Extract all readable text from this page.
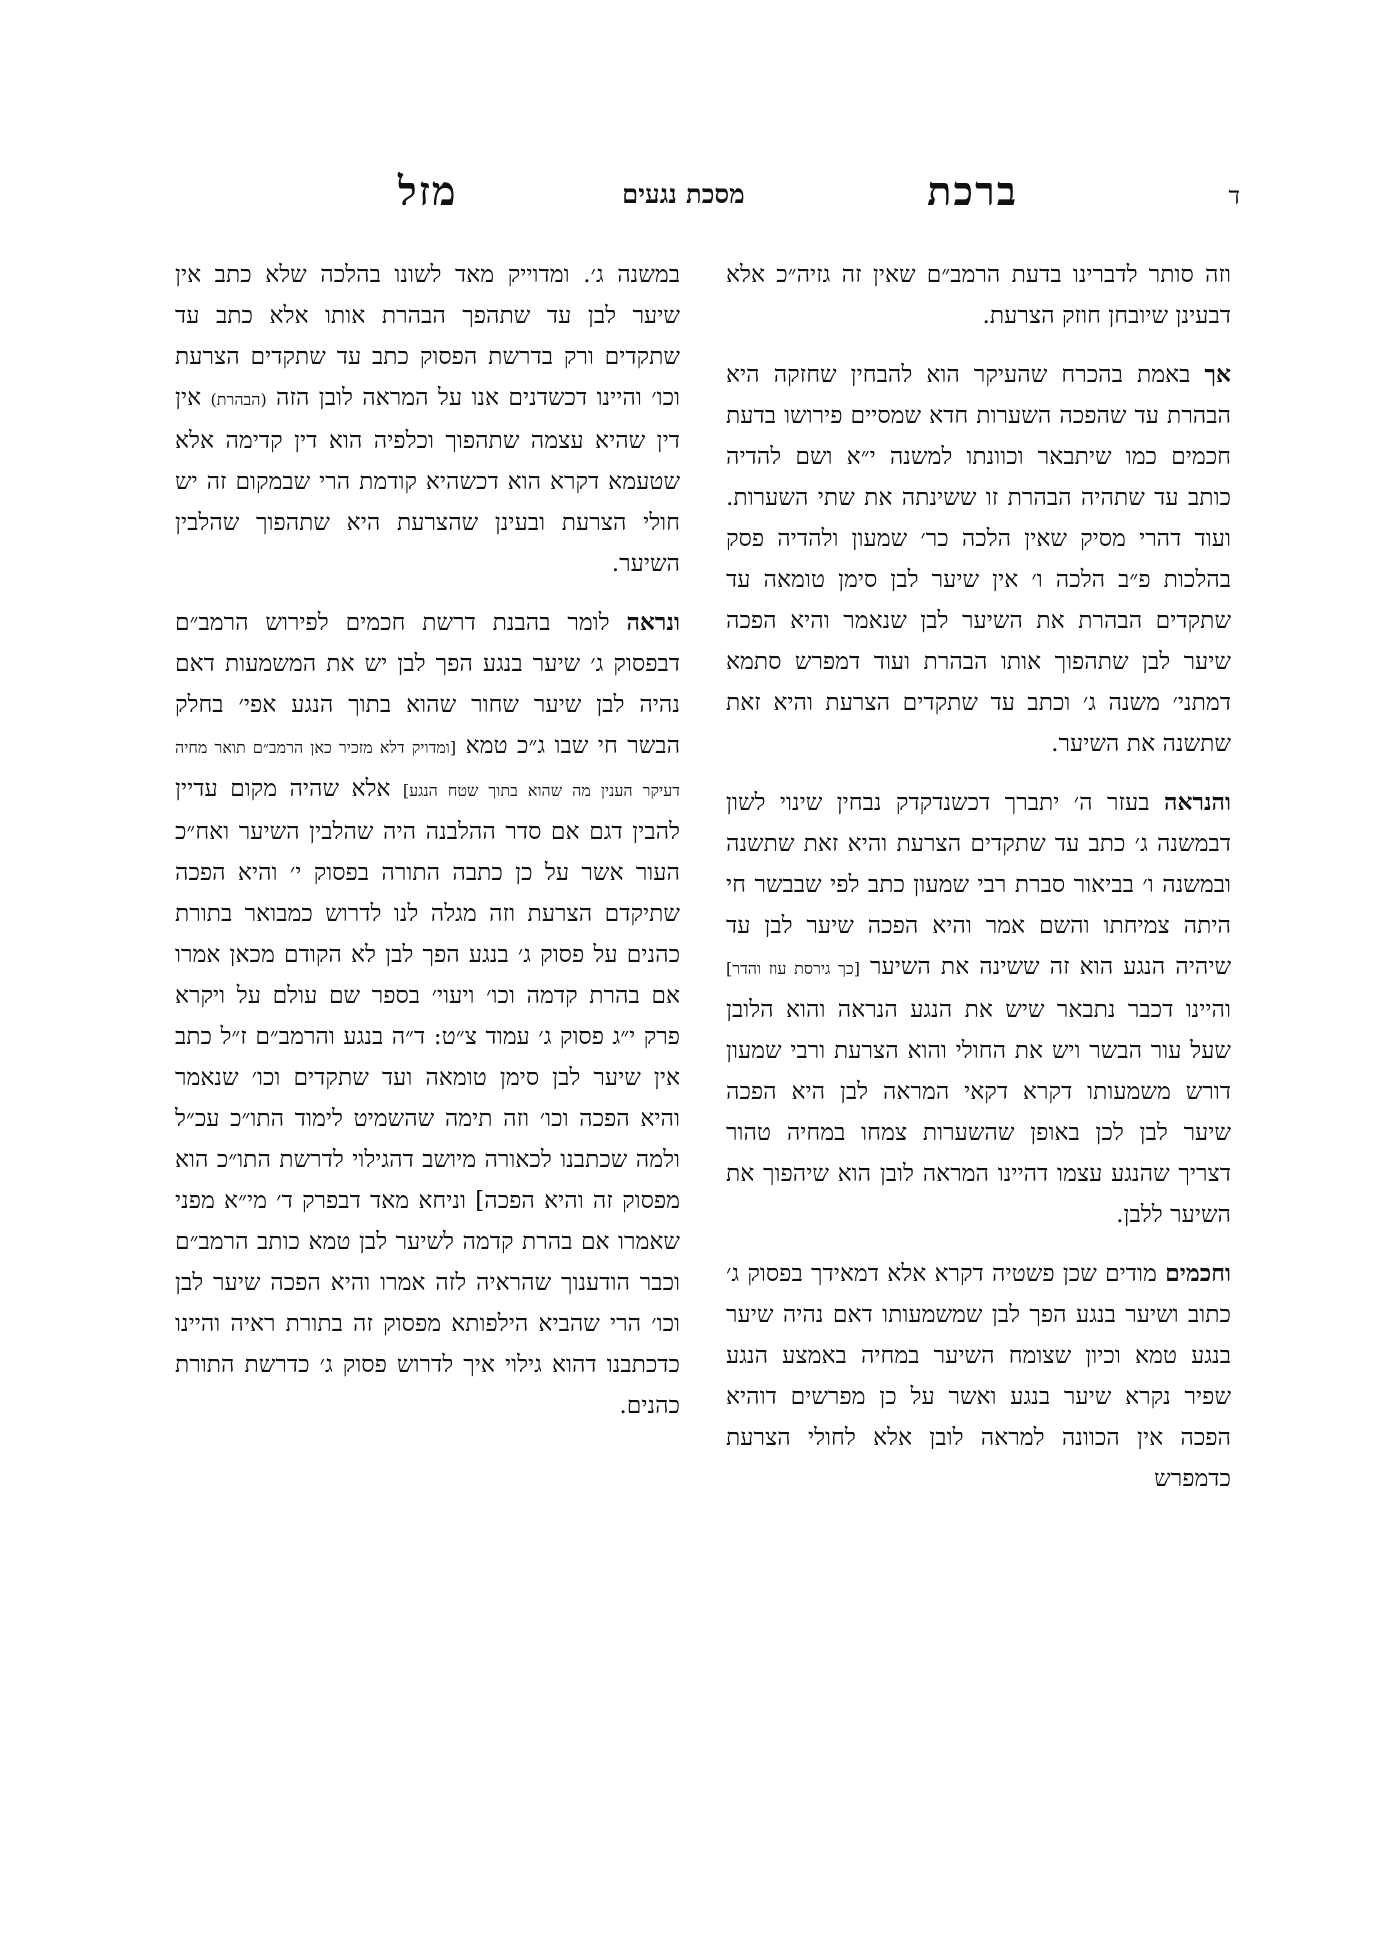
ד
ברכת
מסכת נגעים
מזל

וזה סותר לדברינו בדעת הרמב״ם שאין זה גזיה״כ אלא דבעינן שיובחן חוזק הצרעת.

אך באמת בהכרח שהעיקר הוא להבחין שחזקה היא הבהרת עד שהפכה השערות חדא שמסיים פירושו בדעת חכמים כמו שיתבאר וכוונתו למשנה י״א ושם להדיה כותב עד שתהיה הבהרת זו ששינתה את שתי השערות. ועוד דהרי מסיק שאין הלכה כר׳ שמעון ולהדיה פסק בהלכות פ״ב הלכה ו׳ אין שיער לבן סימן טומאה עד שתקדים הבהרת את השיער לבן שנאמר והיא הפכה שיער לבן שתהפוך אותו הבהרת ועוד דמפרש סתמא דמתני׳ משנה ג׳ וכתב עד שתקדים הצרעת והיא זאת שתשנה את השיער.

והנראה בעזר ה׳ יתברך דכשנדקדק נבחין שינוי לשון דבמשנה ג׳ כתב עד שתקדים הצרעת והיא זאת שתשנה ובמשנה ו׳ בביאור סברת רבי שמעון כתב לפי שבבשר חי היתה צמיחתו והשם אמר והיא הפכה שיער לבן עד שיהיה הנגע הוא זה ששינה את השיער [כך גירסת עוז והדר] והיינו דכבר נתבאר שיש את הנגע הנראה והוא הלובן שעל עור הבשר ויש את החולי והוא הצרעת ורבי שמעון דורש משמעותו דקרא דקאי המראה לבן היא הפכה שיער לבן לכן באופן שהשערות צמחו במחיה טהור דצריך שהנגע עצמו דהיינו המראה לובן הוא שיהפוך את השיער ללבן.

וחכמים מודים שכן פשטיה דקרא אלא דמאידך בפסוק ג׳ כתוב ושיער בנגע הפך לבן שמשמעותו דאם נהיה שיער בנגע טמא וכיון שצומח השיער במחיה באמצע הנגע שפיר נקרא שיער בנגע ואשר על כן מפרשים דוהיא הפכה אין הכוונה למראה לובן אלא לחולי הצרעת כדמפרש

במשנה ג׳. ומדוייק מאד לשונו בהלכה שלא כתב אין שיער לבן עד שתהפך הבהרת אותו אלא כתב עד שתקדים ורק בדרשת הפסוק כתב עד שתקדים הצרעת וכו׳ והיינו דכשדנים אנו על המראה לובן הזה (הבהרת) אין דין שהיא עצמה שתהפוך וכלפיה הוא דין קדימה אלא שטעמא דקרא הוא דכשהיא קודמת הרי שבמקום זה יש חולי הצרעת ובעינן שהצרעת היא שתהפוך שהלבין השיער.

ונראה לומר בהבנת דרשת חכמים לפירוש הרמב״ם דבפסוק ג׳ שיער בנגע הפך לבן יש את המשמעות דאם נהיה לבן שיער שחור שהוא בתוך הנגע אפי׳ בחלק הבשר חי שבו ג״כ טמא [ומדויק דלא מזכיר כאן הרמב״ם תואר מחיה דעיקר הענין מה שהוא בתוך שטח הנגע] אלא שהיה מקום עדיין להבין דגם אם סדר ההלבנה היה שהלבין השיער ואח״כ העור אשר על כן כתבה התורה בפסוק י׳ והיא הפכה שתיקדם הצרעת וזה מגלה לנו לדרוש כמבואר בתורת כהנים על פסוק ג׳ בנגע הפך לבן לא הקודם מכאן אמרו אם בהרת קדמה וכו׳ ויעוי׳ בספר שם עולם על ויקרא פרק י״ג פסוק ג׳ עמוד צ״ט: ד״ה בנגע והרמב״ם ז״ל כתב אין שיער לבן סימן טומאה ועד שתקדים וכו׳ שנאמר והיא הפכה וכו׳ וזה תימה שהשמיט לימוד התו״כ עכ״ל ולמה שכתבנו לכאורה מיושב דהגילוי לדרשת התו״כ הוא מפסוק זה והיא הפכה] וניחא מאד דבפרק ד׳ מי״א מפני שאמרו אם בהרת קדמה לשיער לבן טמא כותב הרמב״ם וכבר הודענוך שהראיה לזה אמרו והיא הפכה שיער לבן וכו׳ הרי שהביא הילפותא מפסוק זה בתורת ראיה והיינו כדכתבנו דהוא גילוי איך לדרוש פסוק ג׳ כדרשת התורת כהנים.
